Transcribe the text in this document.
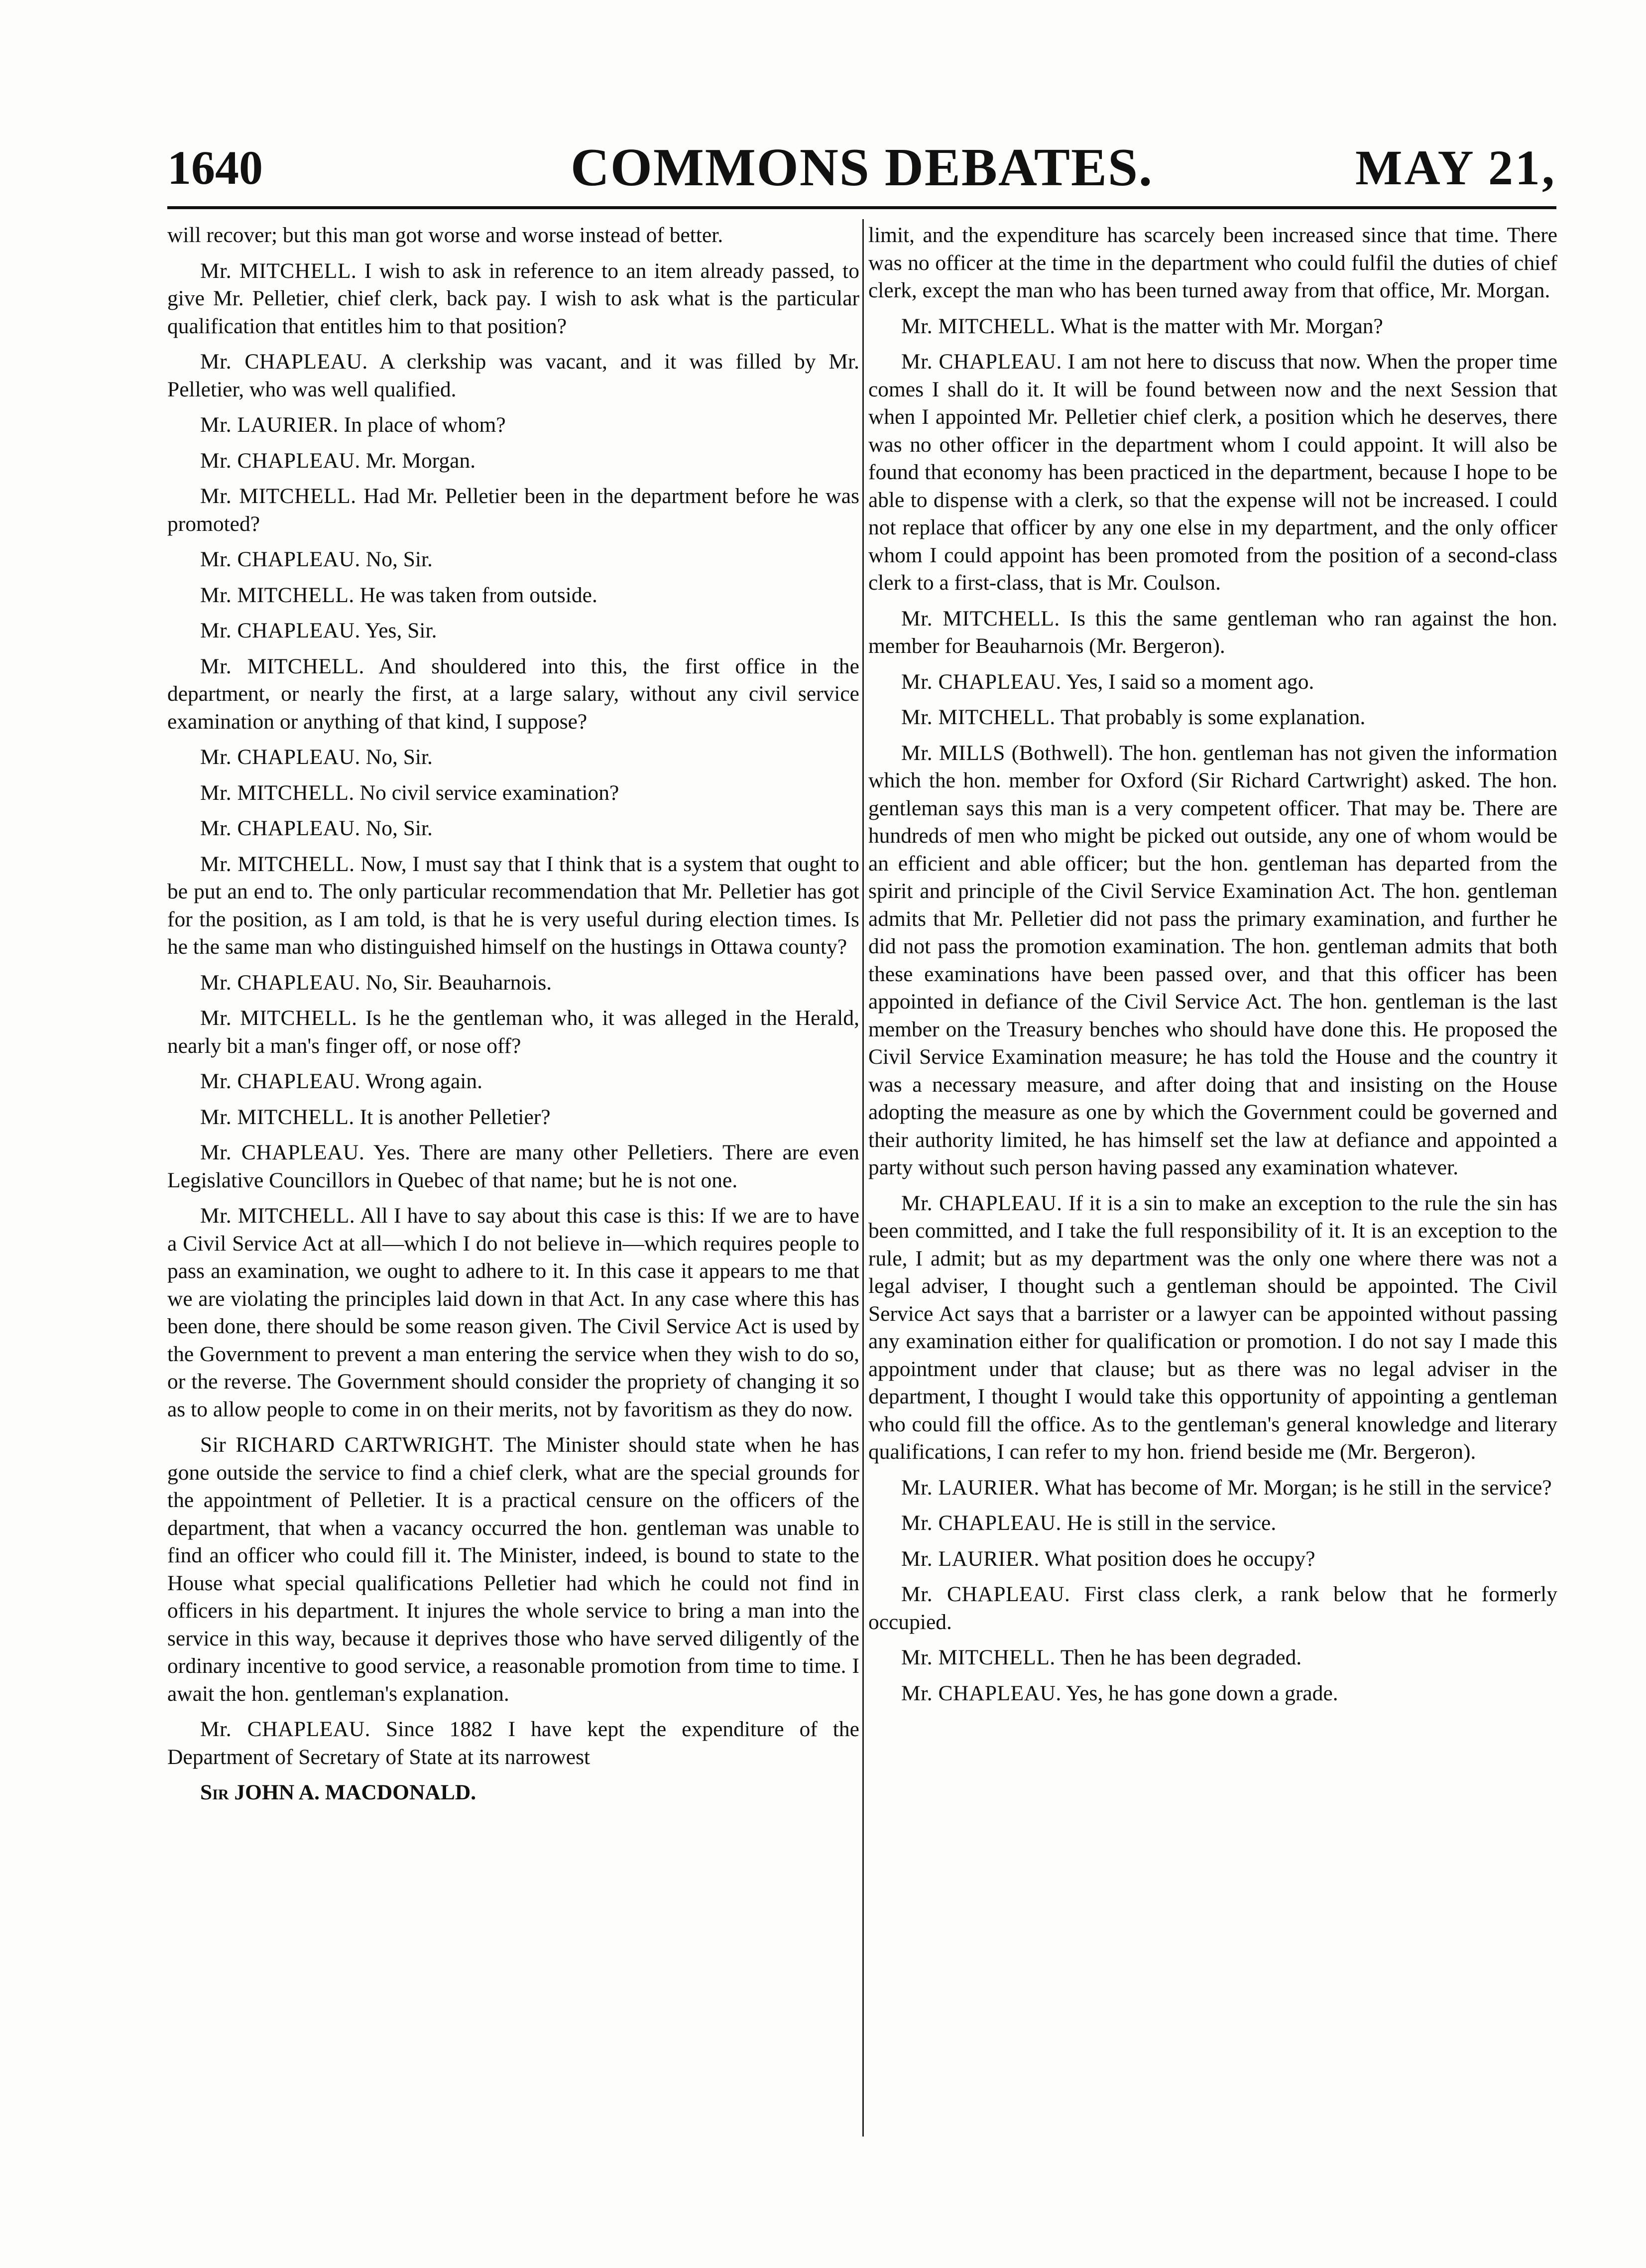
1640	COMMONS DEBATES.	MAY 21,

will recover; but this man got worse and worse instead of better.

Mr. MITCHELL. I wish to ask in reference to an item already passed, to give Mr. Pelletier, chief clerk, back pay. I wish to ask what is the particular qualification that entitles him to that position?

Mr. CHAPLEAU. A clerkship was vacant, and it was filled by Mr. Pelletier, who was well qualified.

Mr. LAURIER. In place of whom?

Mr. CHAPLEAU. Mr. Morgan.

Mr. MITCHELL. Had Mr. Pelletier been in the department before he was promoted?

Mr. CHAPLEAU. No, Sir.

Mr. MITCHELL. He was taken from outside.

Mr. CHAPLEAU. Yes, Sir.

Mr. MITCHELL. And shouldered into this, the first office in the department, or nearly the first, at a large salary, without any civil service examination or anything of that kind, I suppose?

Mr. CHAPLEAU. No, Sir.

Mr. MITCHELL. No civil service examination?

Mr. CHAPLEAU. No, Sir.

Mr. MITCHELL. Now, I must say that I think that is a system that ought to be put an end to. The only particular recommendation that Mr. Pelletier has got for the position, as I am told, is that he is very useful during election times. Is he the same man who distinguished himself on the hustings in Ottawa county?

Mr. CHAPLEAU. No, Sir. Beauharnois.

Mr. MITCHELL. Is he the gentleman who, it was alleged in the Herald, nearly bit a man's finger off, or nose off?

Mr. CHAPLEAU. Wrong again.

Mr. MITCHELL. It is another Pelletier?

Mr. CHAPLEAU. Yes. There are many other Pelletiers. There are even Legislative Councillors in Quebec of that name; but he is not one.

Mr. MITCHELL. All I have to say about this case is this: If we are to have a Civil Service Act at all—which I do not believe in—which requires people to pass an examination, we ought to adhere to it. In this case it appears to me that we are violating the principles laid down in that Act. In any case where this has been done, there should be some reason given. The Civil Service Act is used by the Government to prevent a man entering the service when they wish to do so, or the reverse. The Government should consider the propriety of changing it so as to allow people to come in on their merits, not by favoritism as they do now.

Sir RICHARD CARTWRIGHT. The Minister should state when he has gone outside the service to find a chief clerk, what are the special grounds for the appointment of Pelletier. It is a practical censure on the officers of the department, that when a vacancy occurred the hon. gentleman was unable to find an officer who could fill it. The Minister, indeed, is bound to state to the House what special qualifications Pelletier had which he could not find in officers in his department. It injures the whole service to bring a man into the service in this way, because it deprives those who have served diligently of the ordinary incentive to good service, a reasonable promotion from time to time. I await the hon. gentleman's explanation.

Mr. CHAPLEAU. Since 1882 I have kept the expenditure of the Department of Secretary of State at its narrowest

Sir JOHN A. MACDONALD.

limit, and the expenditure has scarcely been increased since that time. There was no officer at the time in the department who could fulfil the duties of chief clerk, except the man who has been turned away from that office, Mr. Morgan.

Mr. MITCHELL. What is the matter with Mr. Morgan?

Mr. CHAPLEAU. I am not here to discuss that now. When the proper time comes I shall do it. It will be found between now and the next Session that when I appointed Mr. Pelletier chief clerk, a position which he deserves, there was no other officer in the department whom I could appoint. It will also be found that economy has been practiced in the department, because I hope to be able to dispense with a clerk, so that the expense will not be increased. I could not replace that officer by any one else in my department, and the only officer whom I could appoint has been promoted from the position of a second-class clerk to a first-class, that is Mr. Coulson.

Mr. MITCHELL. Is this the same gentleman who ran against the hon. member for Beauharnois (Mr. Bergeron).

Mr. CHAPLEAU. Yes, I said so a moment ago.

Mr. MITCHELL. That probably is some explanation.

Mr. MILLS (Bothwell). The hon. gentleman has not given the information which the hon. member for Oxford (Sir Richard Cartwright) asked. The hon. gentleman says this man is a very competent officer. That may be. There are hundreds of men who might be picked out outside, any one of whom would be an efficient and able officer; but the hon. gentleman has departed from the spirit and principle of the Civil Service Examination Act. The hon. gentleman admits that Mr. Pelletier did not pass the primary examination, and further he did not pass the promotion examination. The hon. gentleman admits that both these examinations have been passed over, and that this officer has been appointed in defiance of the Civil Service Act. The hon. gentleman is the last member on the Treasury benches who should have done this. He proposed the Civil Service Examination measure; he has told the House and the country it was a necessary measure, and after doing that and insisting on the House adopting the measure as one by which the Government could be governed and their authority limited, he has himself set the law at defiance and appointed a party without such person having passed any examination whatever.

Mr. CHAPLEAU. If it is a sin to make an exception to the rule the sin has been committed, and I take the full responsibility of it. It is an exception to the rule, I admit; but as my department was the only one where there was not a legal adviser, I thought such a gentleman should be appointed. The Civil Service Act says that a barrister or a lawyer can be appointed without passing any examination either for qualification or promotion. I do not say I made this appointment under that clause; but as there was no legal adviser in the department, I thought I would take this opportunity of appointing a gentleman who could fill the office. As to the gentleman's general knowledge and literary qualifications, I can refer to my hon. friend beside me (Mr. Bergeron).

Mr. LAURIER. What has become of Mr. Morgan; is he still in the service?

Mr. CHAPLEAU. He is still in the service.

Mr. LAURIER. What position does he occupy?

Mr. CHAPLEAU. First class clerk, a rank below that he formerly occupied.

Mr. MITCHELL. Then he has been degraded.

Mr. CHAPLEAU. Yes, he has gone down a grade.
